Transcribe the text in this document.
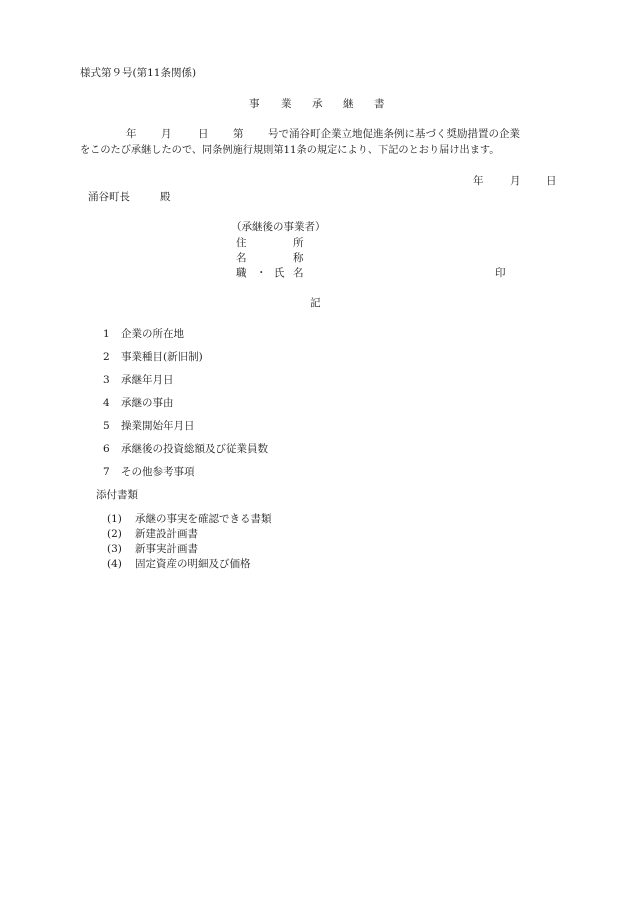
様式第９号(第11条関係)
事 業 承 継 書
年 月	日 第 号で涌谷町企業立地促進条例に基づく奨励措置の企業
をこのたび承継したので、同条例施行規則第11条の規定により、下記のとおり届け出ます。
年	月 日
涌谷町長	殿
（承継後の事業者）
住	所
名	称
職 ・ 氏 名	印
記
1 企業の所在地
2 事業種目(新旧制)
3 承継年月日
4 承継の事由
5 操業開始年月日
6 承継後の投資総額及び従業員数
7 その他参考事項
添付書類
(1) 承継の事実を確認できる書類
(2) 新建設計画書
(3) 新事実計画書
(4) 固定資産の明細及び価格
